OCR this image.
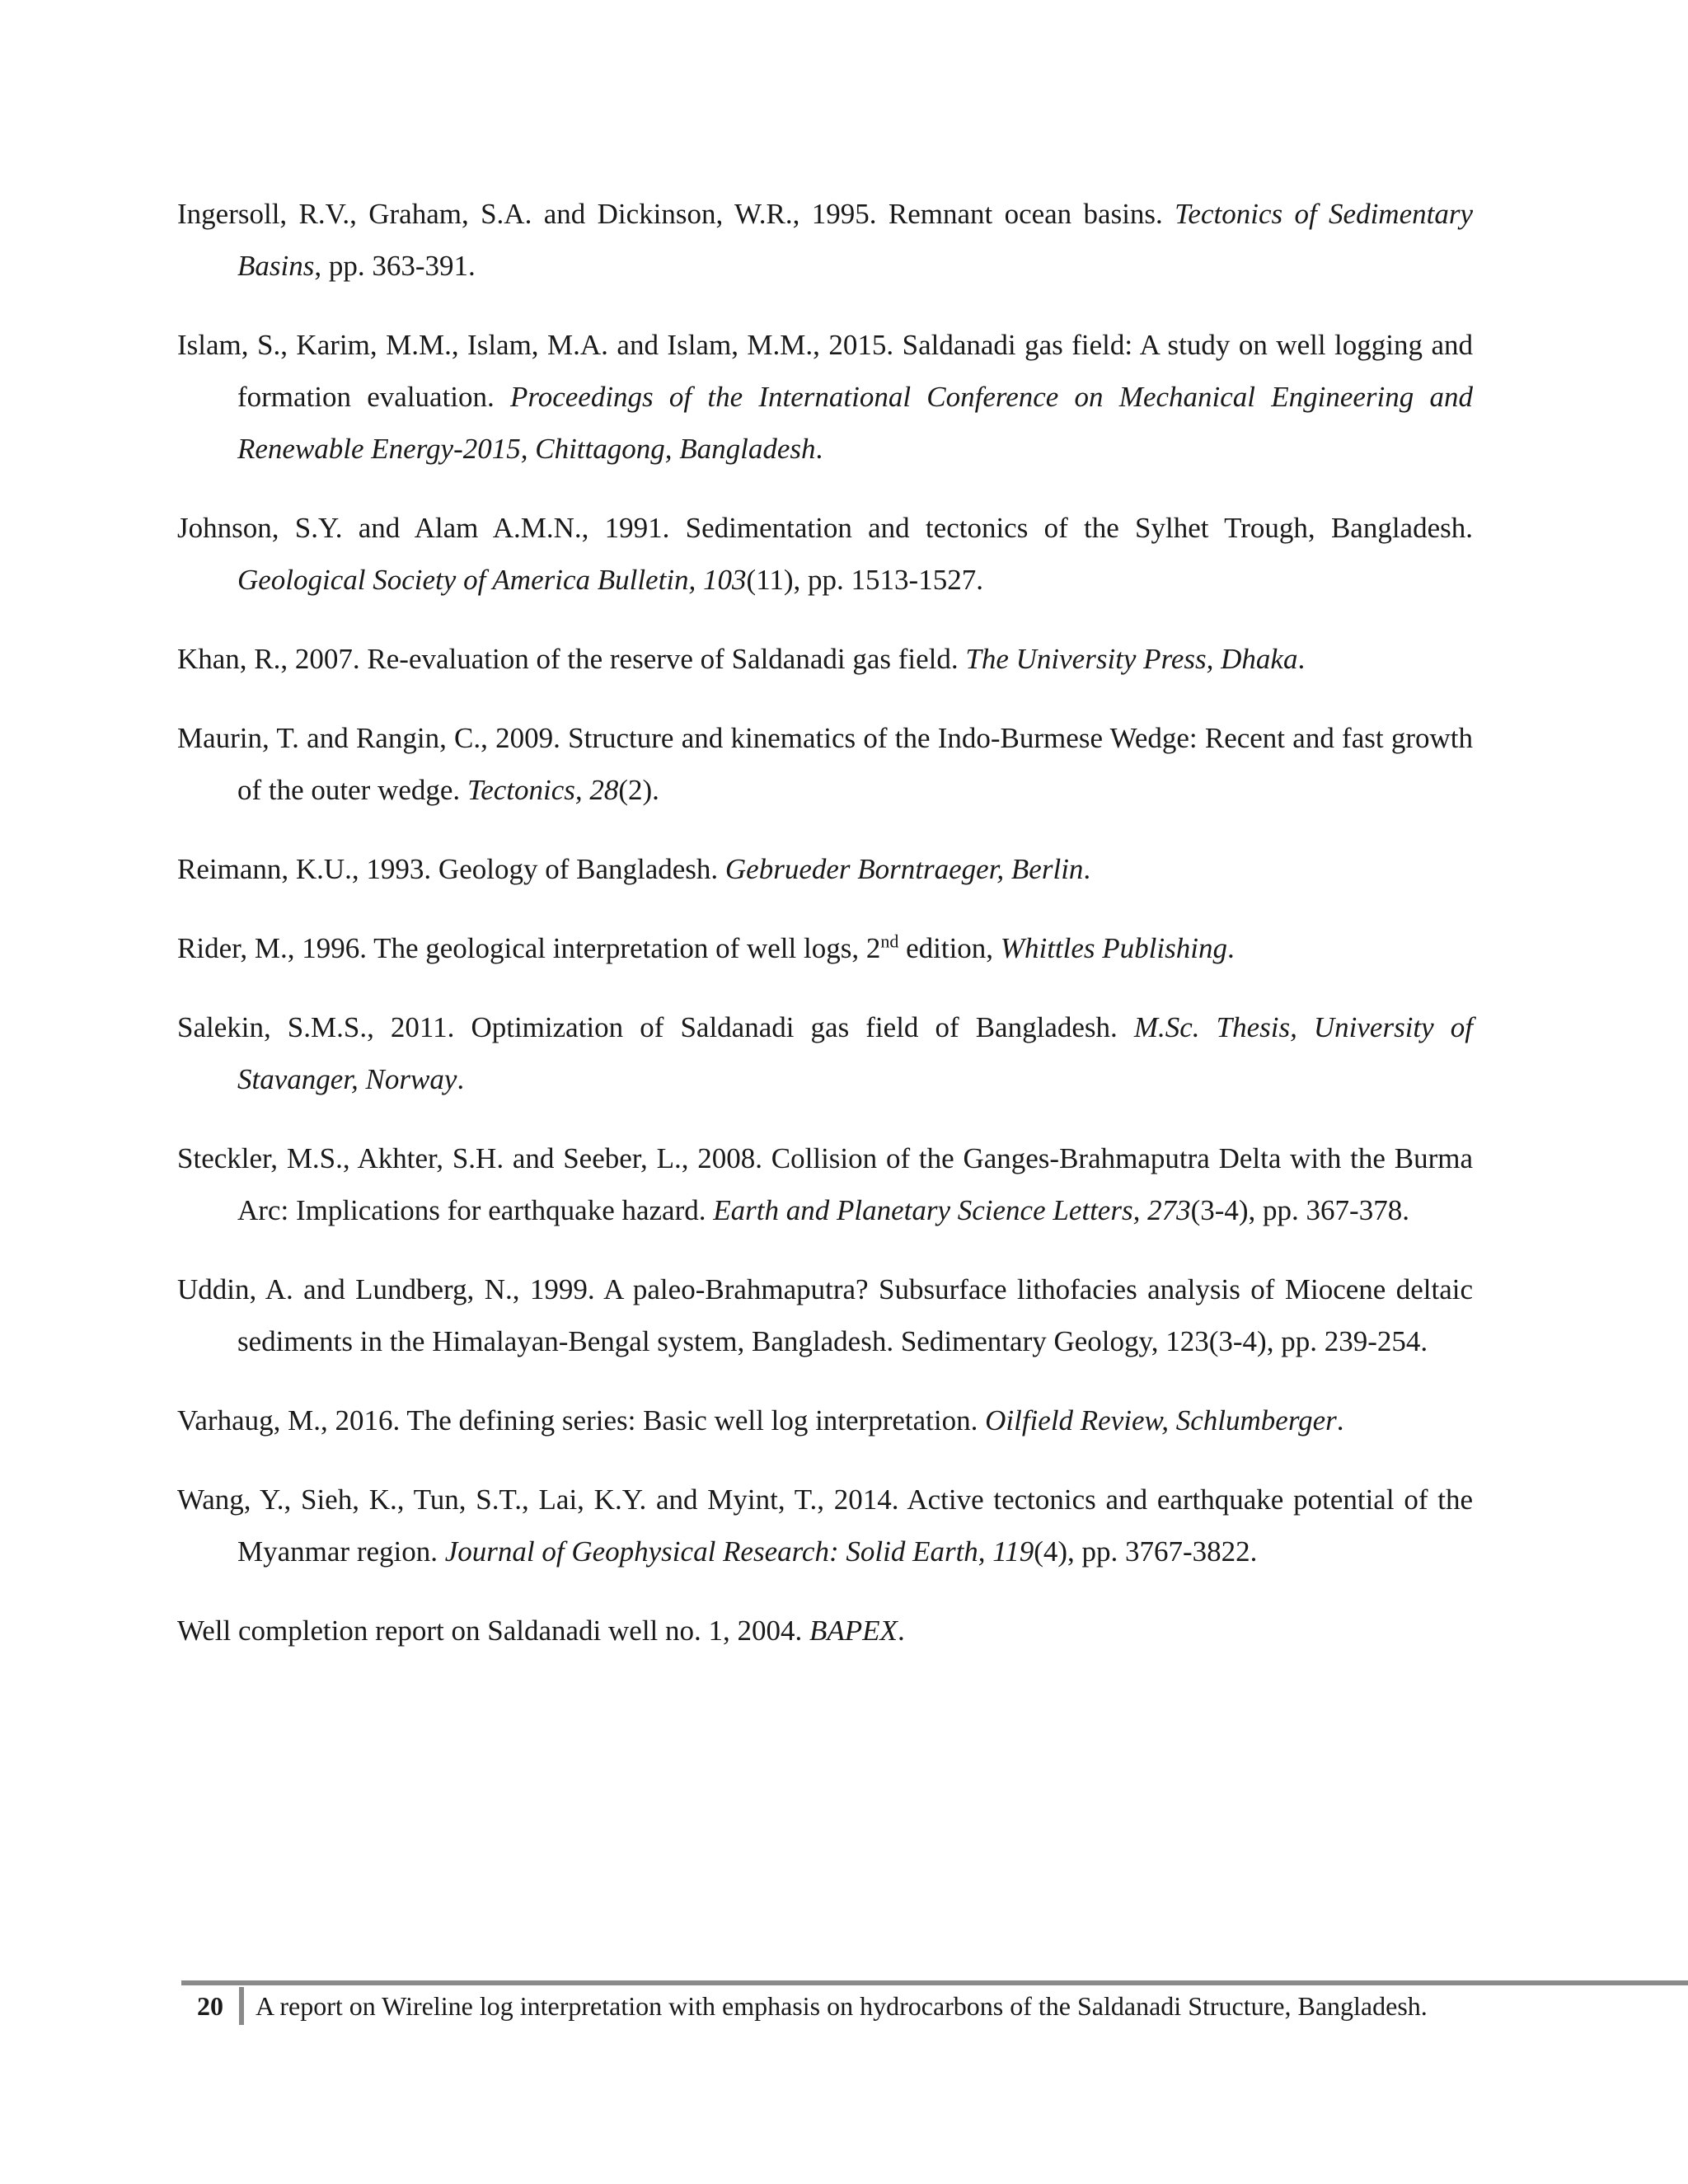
Ingersoll, R.V., Graham, S.A. and Dickinson, W.R., 1995. Remnant ocean basins. Tectonics of Sedimentary Basins, pp. 363-391.

Islam, S., Karim, M.M., Islam, M.A. and Islam, M.M., 2015. Saldanadi gas field: A study on well logging and formation evaluation. Proceedings of the International Conference on Mechanical Engineering and Renewable Energy-2015, Chittagong, Bangladesh.

Johnson, S.Y. and Alam A.M.N., 1991. Sedimentation and tectonics of the Sylhet Trough, Bangladesh. Geological Society of America Bulletin, 103(11), pp. 1513-1527.

Khan, R., 2007. Re-evaluation of the reserve of Saldanadi gas field. The University Press, Dhaka.

Maurin, T. and Rangin, C., 2009. Structure and kinematics of the Indo-Burmese Wedge: Recent and fast growth of the outer wedge. Tectonics, 28(2).

Reimann, K.U., 1993. Geology of Bangladesh. Gebrueder Borntraeger, Berlin.

Rider, M., 1996. The geological interpretation of well logs, 2nd edition, Whittles Publishing.

Salekin, S.M.S., 2011. Optimization of Saldanadi gas field of Bangladesh. M.Sc. Thesis, University of Stavanger, Norway.

Steckler, M.S., Akhter, S.H. and Seeber, L., 2008. Collision of the Ganges-Brahmaputra Delta with the Burma Arc: Implications for earthquake hazard. Earth and Planetary Science Letters, 273(3-4), pp. 367-378.

Uddin, A. and Lundberg, N., 1999. A paleo-Brahmaputra? Subsurface lithofacies analysis of Miocene deltaic sediments in the Himalayan-Bengal system, Bangladesh. Sedimentary Geology, 123(3-4), pp. 239-254.

Varhaug, M., 2016. The defining series: Basic well log interpretation. Oilfield Review, Schlumberger.

Wang, Y., Sieh, K., Tun, S.T., Lai, K.Y. and Myint, T., 2014. Active tectonics and earthquake potential of the Myanmar region. Journal of Geophysical Research: Solid Earth, 119(4), pp. 3767-3822.

Well completion report on Saldanadi well no. 1, 2004. BAPEX.

20	A report on Wireline log interpretation with emphasis on hydrocarbons of the Saldanadi Structure, Bangladesh.
